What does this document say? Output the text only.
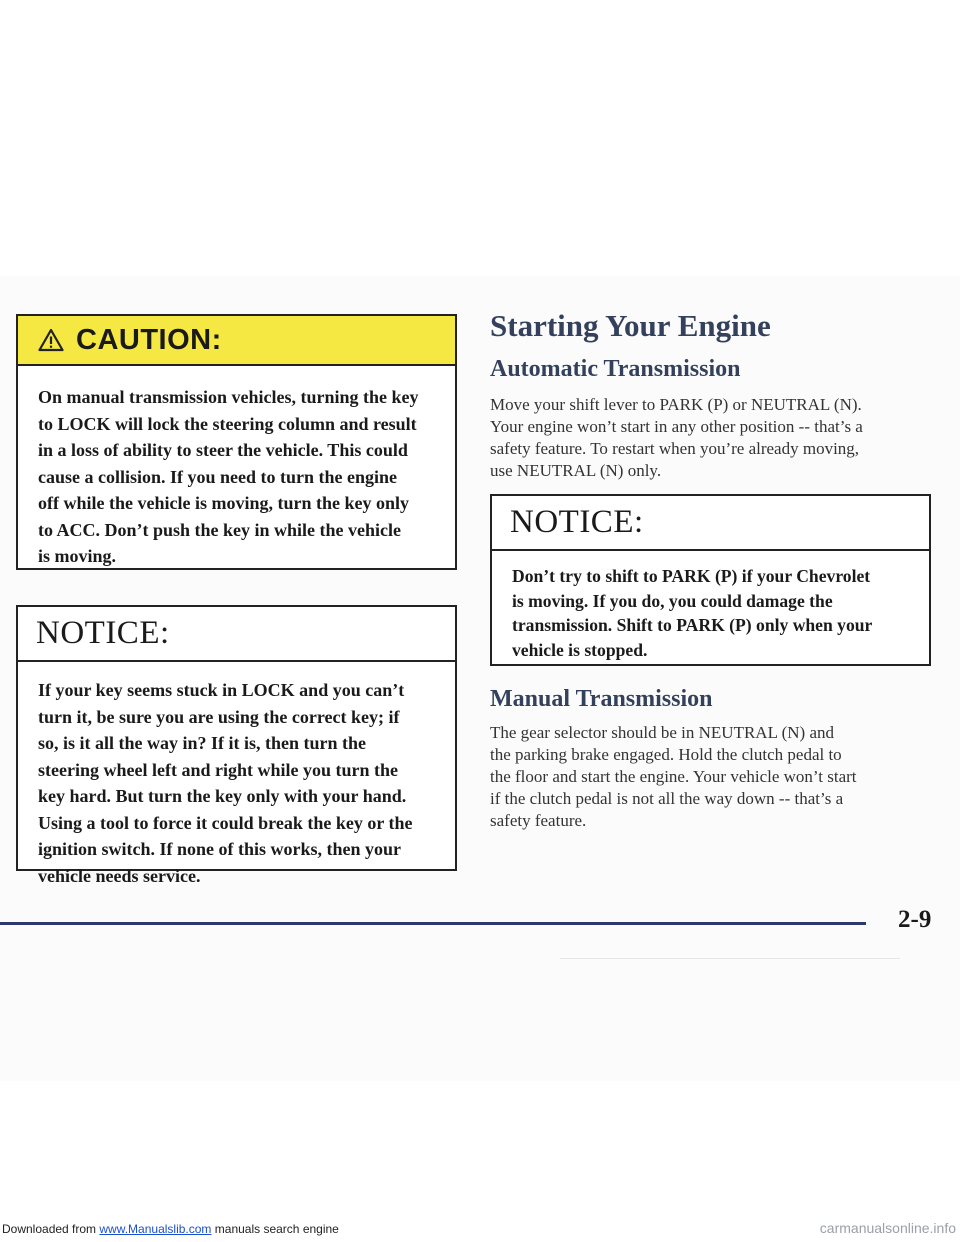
CAUTION:
On manual transmission vehicles, turning the key
to LOCK will lock the steering column and result
in a loss of ability to steer the vehicle. This could
cause a collision. If you need to turn the engine
off while the vehicle is moving, turn the key only
to ACC. Don’t push the key in while the vehicle
is moving.
NOTICE:
If your key seems stuck in LOCK and you can’t
turn it, be sure you are using the correct key; if
so, is it all the way in? If it is, then turn the
steering wheel left and right while you turn the
key hard. But turn the key only with your hand.
Using a tool to force it could break the key or the
ignition switch. If none of this works, then your
vehicle needs service.
Starting Your Engine
Automatic Transmission
Move your shift lever to PARK (P) or NEUTRAL (N).
Your engine won’t start in any other position -- that’s a
safety feature. To restart when you’re already moving,
use NEUTRAL (N) only.
NOTICE:
Don’t try to shift to PARK (P) if your Chevrolet
is moving. If you do, you could damage the
transmission. Shift to PARK (P) only when your
vehicle is stopped.
Manual Transmission
The gear selector should be in NEUTRAL (N) and
the parking brake engaged. Hold the clutch pedal to
the floor and start the engine. Your vehicle won’t start
if the clutch pedal is not all the way down -- that’s a
safety feature.
2-9
Downloaded from www.Manualslib.com manuals search engine	carmanualsonline.info
